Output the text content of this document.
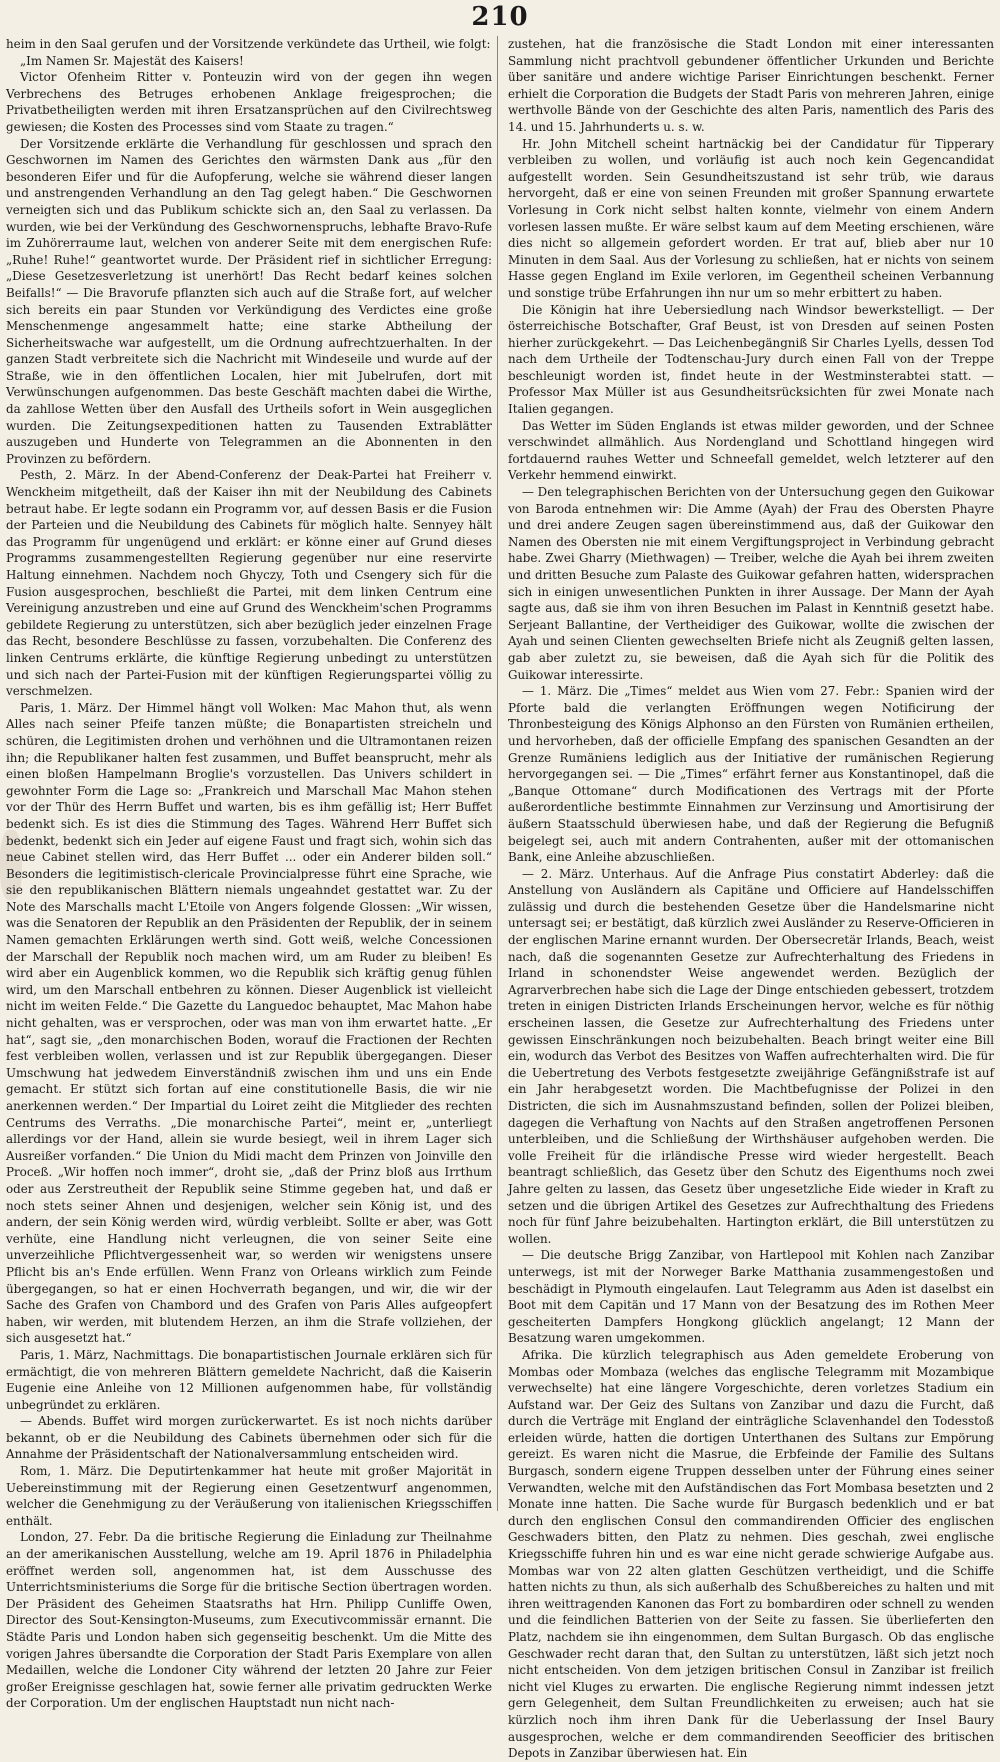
210

heim in den Saal gerufen und der Vorsitzende verkündete das Urtheil, wie folgt:

„Im Namen Sr. Majestät des Kaisers!

Victor Ofenheim Ritter v. Ponteuzin wird von der gegen ihn wegen Verbrechens des Betruges erhobenen Anklage freigesprochen; die Privatbetheiligten werden mit ihren Ersatzansprüchen auf den Civilrechtsweg gewiesen; die Kosten des Processes sind vom Staate zu tragen.“

Der Vorsitzende erklärte die Verhandlung für geschlossen und sprach den Geschwornen im Namen des Gerichtes den wärmsten Dank aus „für den besonderen Eifer und für die Aufopferung, welche sie während dieser langen und anstrengenden Verhandlung an den Tag gelegt haben.“ Die Geschwornen verneigten sich und das Publikum schickte sich an, den Saal zu verlassen. Da wurden, wie bei der Verkündung des Geschwornenspruchs, lebhafte Bravo-Rufe im Zuhörerraume laut, welchen von anderer Seite mit dem energischen Rufe: „Ruhe! Ruhe!“ geantwortet wurde. Der Präsident rief in sichtlicher Erregung: „Diese Gesetzesverletzung ist unerhört! Das Recht bedarf keines solchen Beifalls!“ — Die Bravorufe pflanzten sich auch auf die Straße fort, auf welcher sich bereits ein paar Stunden vor Verkündigung des Verdictes eine große Menschenmenge angesammelt hatte; eine starke Abtheilung der Sicherheitswache war aufgestellt, um die Ordnung aufrechtzuerhalten. In der ganzen Stadt verbreitete sich die Nachricht mit Windeseile und wurde auf der Straße, wie in den öffentlichen Localen, hier mit Jubelrufen, dort mit Verwünschungen aufgenommen. Das beste Geschäft machten dabei die Wirthe, da zahllose Wetten über den Ausfall des Urtheils sofort in Wein ausgeglichen wurden. Die Zeitungsexpeditionen hatten zu Tausenden Extrablätter auszugeben und Hunderte von Telegrammen an die Abonnenten in den Provinzen zu befördern.

Pesth, 2. März. In der Abend-Conferenz der Deak-Partei hat Freiherr v. Wenckheim mitgetheilt, daß der Kaiser ihn mit der Neubildung des Cabinets betraut habe. Er legte sodann ein Programm vor, auf dessen Basis er die Fusion der Parteien und die Neubildung des Cabinets für möglich halte. Sennyey hält das Programm für ungenügend und erklärt: er könne einer auf Grund dieses Programms zusammengestellten Regierung gegenüber nur eine reservirte Haltung einnehmen. Nachdem noch Ghyczy, Toth und Csengery sich für die Fusion ausgesprochen, beschließt die Partei, mit dem linken Centrum eine Vereinigung anzustreben und eine auf Grund des Wenckheim'schen Programms gebildete Regierung zu unterstützen, sich aber bezüglich jeder einzelnen Frage das Recht, besondere Beschlüsse zu fassen, vorzubehalten. Die Conferenz des linken Centrums erklärte, die künftige Regierung unbedingt zu unterstützen und sich nach der Partei-Fusion mit der künftigen Regierungspartei völlig zu verschmelzen.

Paris, 1. März. Der Himmel hängt voll Wolken: Mac Mahon thut, als wenn Alles nach seiner Pfeife tanzen müßte; die Bonapartisten streicheln und schüren, die Legitimisten drohen und verhöhnen und die Ultramontanen reizen ihn; die Republikaner halten fest zusammen, und Buffet beansprucht, mehr als einen bloßen Hampelmann Broglie's vorzustellen. Das Univers schildert in gewohnter Form die Lage so: „Frankreich und Marschall Mac Mahon stehen vor der Thür des Herrn Buffet und warten, bis es ihm gefällig ist; Herr Buffet bedenkt sich. Es ist dies die Stimmung des Tages. Während Herr Buffet sich bedenkt, bedenkt sich ein Jeder auf eigene Faust und fragt sich, wohin sich das neue Cabinet stellen wird, das Herr Buffet ... oder ein Anderer bilden soll.“ Besonders die legitimistisch-clericale Provincialpresse führt eine Sprache, wie sie den republikanischen Blättern niemals ungeahndet gestattet war. Zu der Note des Marschalls macht L'Etoile von Angers folgende Glossen: „Wir wissen, was die Senatoren der Republik an den Präsidenten der Republik, der in seinem Namen gemachten Erklärungen werth sind. Gott weiß, welche Concessionen der Marschall der Republik noch machen wird, um am Ruder zu bleiben! Es wird aber ein Augenblick kommen, wo die Republik sich kräftig genug fühlen wird, um den Marschall entbehren zu können. Dieser Augenblick ist vielleicht nicht im weiten Felde.“ Die Gazette du Languedoc behauptet, Mac Mahon habe nicht gehalten, was er versprochen, oder was man von ihm erwartet hatte. „Er hat“, sagt sie, „den monarchischen Boden, worauf die Fractionen der Rechten fest verbleiben wollen, verlassen und ist zur Republik übergegangen. Dieser Umschwung hat jedwedem Einverständniß zwischen ihm und uns ein Ende gemacht. Er stützt sich fortan auf eine constitutionelle Basis, die wir nie anerkennen werden.“ Der Impartial du Loiret zeiht die Mitglieder des rechten Centrums des Verraths. „Die monarchische Partei“, meint er, „unterliegt allerdings vor der Hand, allein sie wurde besiegt, weil in ihrem Lager sich Ausreißer vorfanden.“ Die Union du Midi macht dem Prinzen von Joinville den Proceß. „Wir hoffen noch immer“, droht sie, „daß der Prinz bloß aus Irrthum oder aus Zerstreutheit der Republik seine Stimme gegeben hat, und daß er noch stets seiner Ahnen und desjenigen, welcher sein König ist, und des andern, der sein König werden wird, würdig verbleibt. Sollte er aber, was Gott verhüte, eine Handlung nicht verleugnen, die von seiner Seite eine unverzeihliche Pflichtvergessenheit war, so werden wir wenigstens unsere Pflicht bis an's Ende erfüllen. Wenn Franz von Orleans wirklich zum Feinde übergegangen, so hat er einen Hochverrath begangen, und wir, die wir der Sache des Grafen von Chambord und des Grafen von Paris Alles aufgeopfert haben, wir werden, mit blutendem Herzen, an ihm die Strafe vollziehen, der sich ausgesetzt hat.“

Paris, 1. März, Nachmittags. Die bonapartistischen Journale erklären sich für ermächtigt, die von mehreren Blättern gemeldete Nachricht, daß die Kaiserin Eugenie eine Anleihe von 12 Millionen aufgenommen habe, für vollständig unbegründet zu erklären.

— Abends. Buffet wird morgen zurückerwartet. Es ist noch nichts darüber bekannt, ob er die Neubildung des Cabinets übernehmen oder sich für die Annahme der Präsidentschaft der Nationalversammlung entscheiden wird.

Rom, 1. März. Die Deputirtenkammer hat heute mit großer Majorität in Uebereinstimmung mit der Regierung einen Gesetzentwurf angenommen, welcher die Genehmigung zu der Veräußerung von italienischen Kriegsschiffen enthält.

London, 27. Febr. Da die britische Regierung die Einladung zur Theilnahme an der amerikanischen Ausstellung, welche am 19. April 1876 in Philadelphia eröffnet werden soll, angenommen hat, ist dem Ausschusse des Unterrichtsministeriums die Sorge für die britische Section übertragen worden. Der Präsident des Geheimen Staatsraths hat Hrn. Philipp Cunliffe Owen, Director des Sout-Kensington-Museums, zum Executivcommissär ernannt. Die Städte Paris und London haben sich gegenseitig beschenkt. Um die Mitte des vorigen Jahres übersandte die Corporation der Stadt Paris Exemplare von allen Medaillen, welche die Londoner City während der letzten 20 Jahre zur Feier großer Ereignisse geschlagen hat, sowie ferner alle privatim gedruckten Werke der Corporation. Um der englischen Hauptstadt nun nicht nach-

zustehen, hat die französische die Stadt London mit einer interessanten Sammlung nicht prachtvoll gebundener öffentlicher Urkunden und Berichte über sanitäre und andere wichtige Pariser Einrichtungen beschenkt. Ferner erhielt die Corporation die Budgets der Stadt Paris von mehreren Jahren, einige werthvolle Bände von der Geschichte des alten Paris, namentlich des Paris des 14. und 15. Jahrhunderts u. s. w.

Hr. John Mitchell scheint hartnäckig bei der Candidatur für Tipperary verbleiben zu wollen, und vorläufig ist auch noch kein Gegencandidat aufgestellt worden. Sein Gesundheitszustand ist sehr trüb, wie daraus hervorgeht, daß er eine von seinen Freunden mit großer Spannung erwartete Vorlesung in Cork nicht selbst halten konnte, vielmehr von einem Andern vorlesen lassen mußte. Er wäre selbst kaum auf dem Meeting erschienen, wäre dies nicht so allgemein gefordert worden. Er trat auf, blieb aber nur 10 Minuten in dem Saal. Aus der Vorlesung zu schließen, hat er nichts von seinem Hasse gegen England im Exile verloren, im Gegentheil scheinen Verbannung und sonstige trübe Erfahrungen ihn nur um so mehr erbittert zu haben.

Die Königin hat ihre Uebersiedlung nach Windsor bewerkstelligt. — Der österreichische Botschafter, Graf Beust, ist von Dresden auf seinen Posten hierher zurückgekehrt. — Das Leichenbegängniß Sir Charles Lyells, dessen Tod nach dem Urtheile der Todtenschau-Jury durch einen Fall von der Treppe beschleunigt worden ist, findet heute in der Westminsterabtei statt. — Professor Max Müller ist aus Gesundheitsrücksichten für zwei Monate nach Italien gegangen.

Das Wetter im Süden Englands ist etwas milder geworden, und der Schnee verschwindet allmählich. Aus Nordengland und Schottland hingegen wird fortdauernd rauhes Wetter und Schneefall gemeldet, welch letzterer auf den Verkehr hemmend einwirkt.

— Den telegraphischen Berichten von der Untersuchung gegen den Guikowar von Baroda entnehmen wir: Die Amme (Ayah) der Frau des Obersten Phayre und drei andere Zeugen sagen übereinstimmend aus, daß der Guikowar den Namen des Obersten nie mit einem Vergiftungsproject in Verbindung gebracht habe. Zwei Gharry (Miethwagen) — Treiber, welche die Ayah bei ihrem zweiten und dritten Besuche zum Palaste des Guikowar gefahren hatten, widersprachen sich in einigen unwesentlichen Punkten in ihrer Aussage. Der Mann der Ayah sagte aus, daß sie ihm von ihren Besuchen im Palast in Kenntniß gesetzt habe. Serjeant Ballantine, der Vertheidiger des Guikowar, wollte die zwischen der Ayah und seinen Clienten gewechselten Briefe nicht als Zeugniß gelten lassen, gab aber zuletzt zu, sie beweisen, daß die Ayah sich für die Politik des Guikowar interessirte.

— 1. März. Die „Times“ meldet aus Wien vom 27. Febr.: Spanien wird der Pforte bald die verlangten Eröffnungen wegen Notificirung der Thronbesteigung des Königs Alphonso an den Fürsten von Rumänien ertheilen, und hervorheben, daß der officielle Empfang des spanischen Gesandten an der Grenze Rumäniens lediglich aus der Initiative der rumänischen Regierung hervorgegangen sei. — Die „Times“ erfährt ferner aus Konstantinopel, daß die „Banque Ottomane“ durch Modificationen des Vertrags mit der Pforte außerordentliche bestimmte Einnahmen zur Verzinsung und Amortisirung der äußern Staatsschuld überwiesen habe, und daß der Regierung die Befugniß beigelegt sei, auch mit andern Contrahenten, außer mit der ottomanischen Bank, eine Anleihe abzuschließen.

— 2. März. Unterhaus. Auf die Anfrage Pius constatirt Abderley: daß die Anstellung von Ausländern als Capitäne und Officiere auf Handelsschiffen zulässig und durch die bestehenden Gesetze über die Handelsmarine nicht untersagt sei; er bestätigt, daß kürzlich zwei Ausländer zu Reserve-Officieren in der englischen Marine ernannt wurden. Der Obersecretär Irlands, Beach, weist nach, daß die sogenannten Gesetze zur Aufrechterhaltung des Friedens in Irland in schonendster Weise angewendet werden. Bezüglich der Agrarverbrechen habe sich die Lage der Dinge entschieden gebessert, trotzdem treten in einigen Districten Irlands Erscheinungen hervor, welche es für nöthig erscheinen lassen, die Gesetze zur Aufrechterhaltung des Friedens unter gewissen Einschränkungen noch beizubehalten. Beach bringt weiter eine Bill ein, wodurch das Verbot des Besitzes von Waffen aufrechterhalten wird. Die für die Uebertretung des Verbots festgesetzte zweijährige Gefängnißstrafe ist auf ein Jahr herabgesetzt worden. Die Machtbefugnisse der Polizei in den Districten, die sich im Ausnahmszustand befinden, sollen der Polizei bleiben, dagegen die Verhaftung von Nachts auf den Straßen angetroffenen Personen unterbleiben, und die Schließung der Wirthshäuser aufgehoben werden. Die volle Freiheit für die irländische Presse wird wieder hergestellt. Beach beantragt schließlich, das Gesetz über den Schutz des Eigenthums noch zwei Jahre gelten zu lassen, das Gesetz über ungesetzliche Eide wieder in Kraft zu setzen und die übrigen Artikel des Gesetzes zur Aufrechthaltung des Friedens noch für fünf Jahre beizubehalten. Hartington erklärt, die Bill unterstützen zu wollen.

— Die deutsche Brigg Zanzibar, von Hartlepool mit Kohlen nach Zanzibar unterwegs, ist mit der Norweger Barke Matthania zusammengestoßen und beschädigt in Plymouth eingelaufen. Laut Telegramm aus Aden ist daselbst ein Boot mit dem Capitän und 17 Mann von der Besatzung des im Rothen Meer gescheiterten Dampfers Hongkong glücklich angelangt; 12 Mann der Besatzung waren umgekommen.

Afrika. Die kürzlich telegraphisch aus Aden gemeldete Eroberung von Mombas oder Mombaza (welches das englische Telegramm mit Mozambique verwechselte) hat eine längere Vorgeschichte, deren vorletzes Stadium ein Aufstand war. Der Geiz des Sultans von Zanzibar und dazu die Furcht, daß durch die Verträge mit England der einträgliche Sclavenhandel den Todesstoß erleiden würde, hatten die dortigen Unterthanen des Sultans zur Empörung gereizt. Es waren nicht die Masrue, die Erbfeinde der Familie des Sultans Burgasch, sondern eigene Truppen desselben unter der Führung eines seiner Verwandten, welche mit den Aufständischen das Fort Mombasa besetzten und 2 Monate inne hatten. Die Sache wurde für Burgasch bedenklich und er bat durch den englischen Consul den commandirenden Officier des englischen Geschwaders bitten, den Platz zu nehmen. Dies geschah, zwei englische Kriegsschiffe fuhren hin und es war eine nicht gerade schwierige Aufgabe aus. Mombas war von 22 alten glatten Geschützen vertheidigt, und die Schiffe hatten nichts zu thun, als sich außerhalb des Schußbereiches zu halten und mit ihren weittragenden Kanonen das Fort zu bombardiren oder schnell zu wenden und die feindlichen Batterien von der Seite zu fassen. Sie überlieferten den Platz, nachdem sie ihn eingenommen, dem Sultan Burgasch. Ob das englische Geschwader recht daran that, den Sultan zu unterstützen, läßt sich jetzt noch nicht entscheiden. Von dem jetzigen britischen Consul in Zanzibar ist freilich nicht viel Kluges zu erwarten. Die englische Regierung nimmt indessen jetzt gern Gelegenheit, dem Sultan Freundlichkeiten zu erweisen; auch hat sie kürzlich noch ihm ihren Dank für die Ueberlassung der Insel Baury ausgesprochen, welche er dem commandirenden Seeofficier des britischen Depots in Zanzibar überwiesen hat. Ein
